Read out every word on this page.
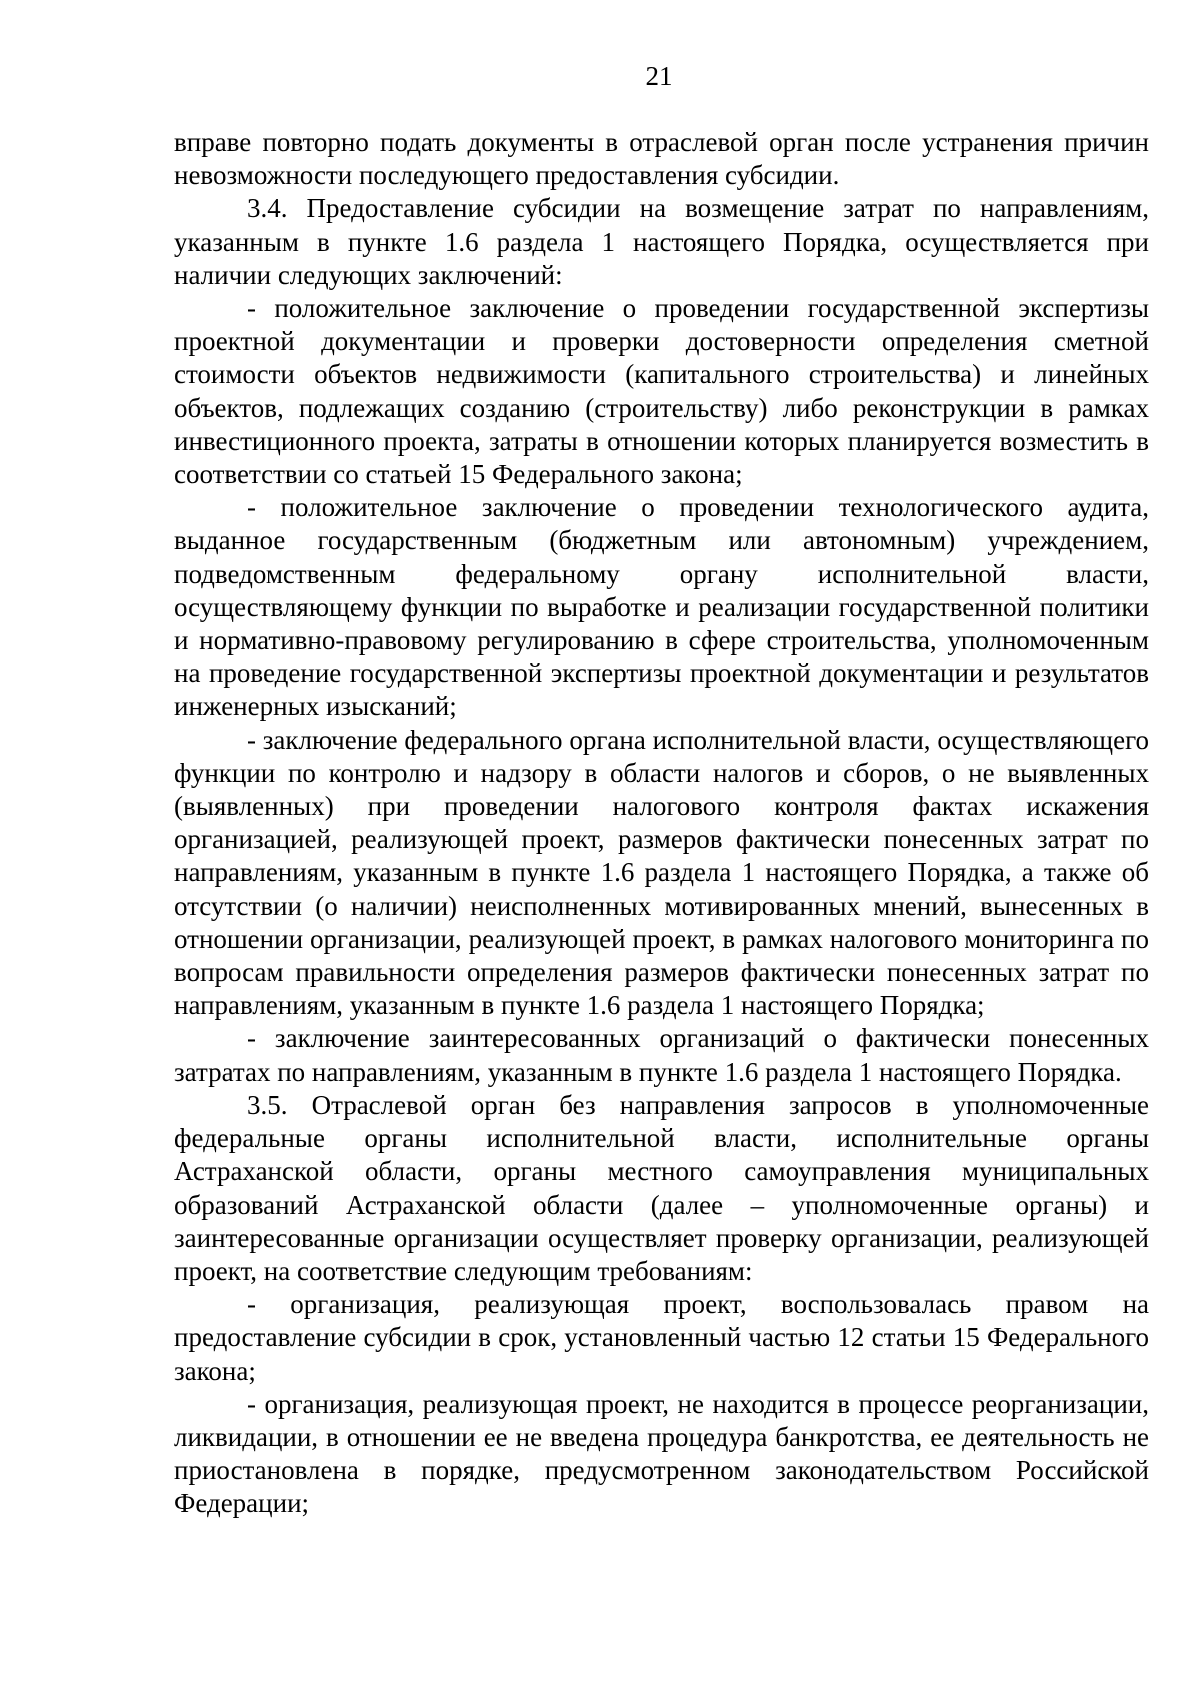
21

вправе повторно подать документы в отраслевой орган после устранения причин невозможности последующего предоставления субсидии.

3.4. Предоставление субсидии на возмещение затрат по направлениям, указанным в пункте 1.6 раздела 1 настоящего Порядка, осуществляется при наличии следующих заключений:

- положительное заключение о проведении государственной экспертизы проектной документации и проверки достоверности определения сметной стоимости объектов недвижимости (капитального строительства) и линейных объектов, подлежащих созданию (строительству) либо реконструкции в рамках инвестиционного проекта, затраты в отношении которых планируется возместить в соответствии со статьей 15 Федерального закона;

- положительное заключение о проведении технологического аудита, выданное государственным (бюджетным или автономным) учреждением, подведомственным федеральному органу исполнительной власти, осуществляющему функции по выработке и реализации государственной политики и нормативно-правовому регулированию в сфере строительства, уполномоченным на проведение государственной экспертизы проектной документации и результатов инженерных изысканий;

- заключение федерального органа исполнительной власти, осуществляющего функции по контролю и надзору в области налогов и сборов, о не выявленных (выявленных) при проведении налогового контроля фактах искажения организацией, реализующей проект, размеров фактически понесенных затрат по направлениям, указанным в пункте 1.6 раздела 1 настоящего Порядка, а также об отсутствии (о наличии) неисполненных мотивированных мнений, вынесенных в отношении организации, реализующей проект, в рамках налогового мониторинга по вопросам правильности определения размеров фактически понесенных затрат по направлениям, указанным в пункте 1.6 раздела 1 настоящего Порядка;

- заключение заинтересованных организаций о фактически понесенных затратах по направлениям, указанным в пункте 1.6 раздела 1 настоящего Порядка.

3.5. Отраслевой орган без направления запросов в уполномоченные федеральные органы исполнительной власти, исполнительные органы Астраханской области, органы местного самоуправления муниципальных образований Астраханской области (далее – уполномоченные органы) и заинтересованные организации осуществляет проверку организации, реализующей проект, на соответствие следующим требованиям:

- организация, реализующая проект, воспользовалась правом на предоставление субсидии в срок, установленный частью 12 статьи 15 Федерального закона;

- организация, реализующая проект, не находится в процессе реорганизации, ликвидации, в отношении ее не введена процедура банкротства, ее деятельность не приостановлена в порядке, предусмотренном законодательством Российской Федерации;
